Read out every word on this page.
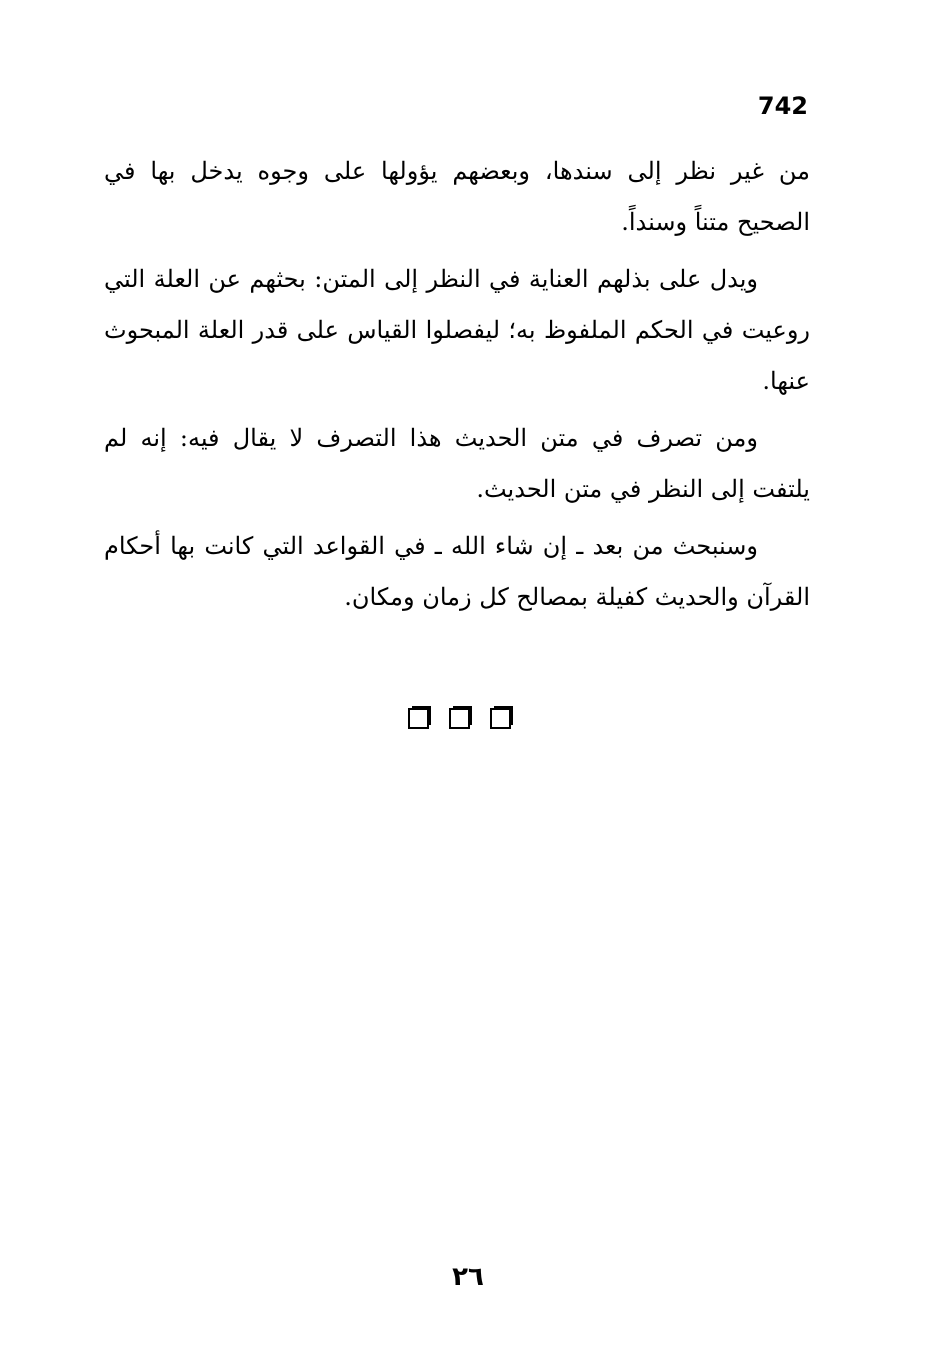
742

من غير نظر إلى سندها، وبعضهم يؤولها على وجوه يدخل بها في الصحيح متناً وسنداً.

ويدل على بذلهم العناية في النظر إلى المتن: بحثهم عن العلة التي روعيت في الحكم الملفوظ به؛ ليفصلوا القياس على قدر العلة المبحوث عنها.

ومن تصرف في متن الحديث هذا التصرف لا يقال فيه: إنه لم يلتفت إلى النظر في متن الحديث.

وسنبحث من بعد ـ إن شاء الله ـ في القواعد التي كانت بها أحكام القرآن والحديث كفيلة بمصالح كل زمان ومكان.

٢٦
